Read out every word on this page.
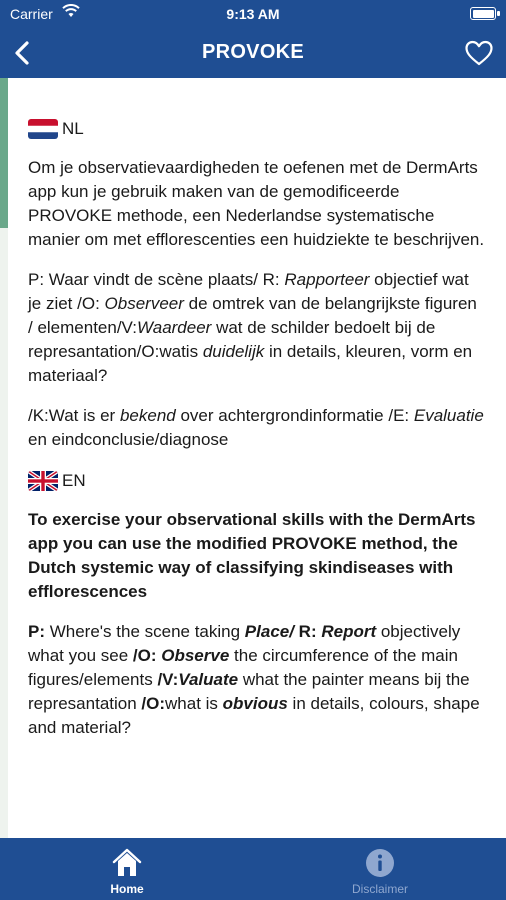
Carrier	9:13 AM
PROVOKE
NL

Om je observatievaardigheden te oefenen met de DermArts app kun je gebruik maken van de gemodificeerde PROVOKE methode, een Nederlandse systematische manier om met efflorescenties een huidziekte te beschrijven.

P: Waar vindt de scène plaats/ R: Rapporteer objectief wat je ziet /O: Observeer de omtrek van de belangrijkste figuren / elementen/V:Waardeer wat de schilder bedoelt bij de represantation/O:watis duidelijk in details, kleuren, vorm en materiaal?

/K:Wat is er bekend over achtergrondinformatie /E: Evaluatie en eindconclusie/diagnose

EN

To exercise your observational skills with the DermArts app you can use the modified PROVOKE method, the Dutch systemic way of classifying skindiseases with efflorescences

P: Where's the scene taking Place/ R: Report objectively what you see /O: Observe the circumference of the main figures/elements /V:Valuate what the painter means bij the represantation /O:what is obvious in details, colours, shape and material?

Home	Disclaimer
